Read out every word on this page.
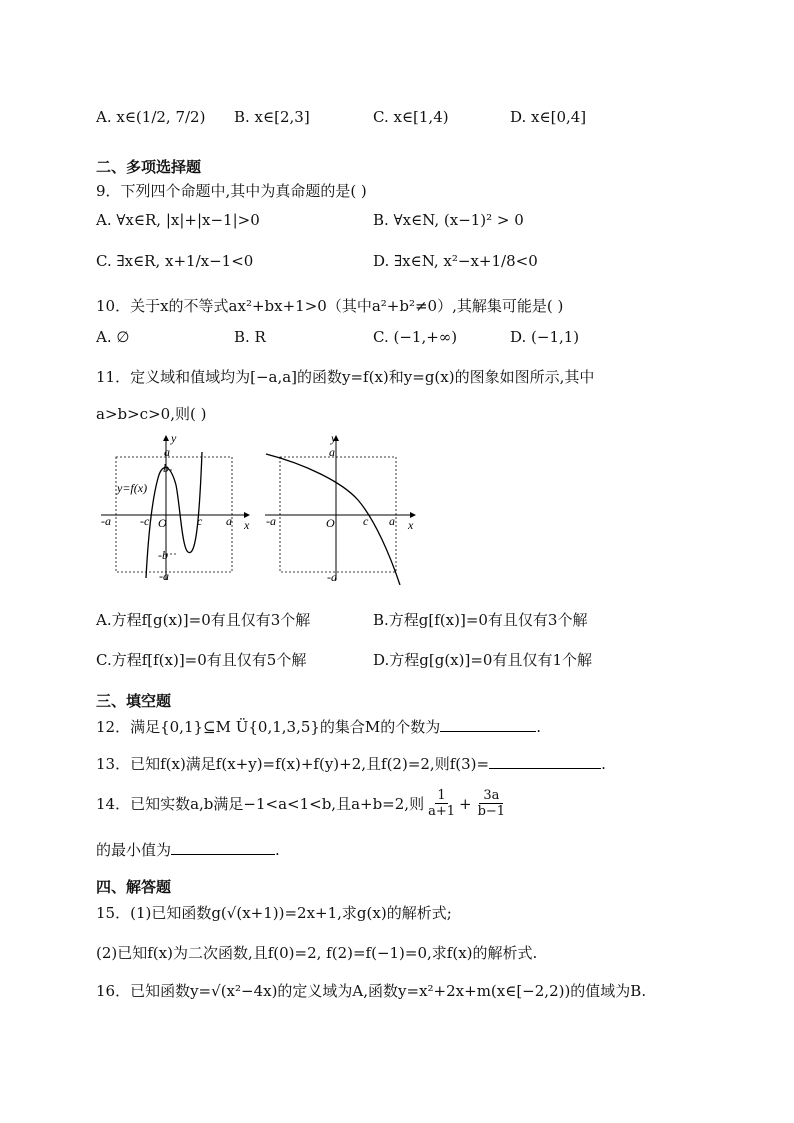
A. x∈(1/2, 7/2) B. x∈[2,3]	C. x∈[1,4)	D. x∈[0,4]
二、多项选择题
9．下列四个命题中,其中为真命题的是( )
A. ∀x∈R, |x|+|x−1|>0	B. ∀x∈N, (x−1)² > 0
C. ∃x∈R, x+1/x−1<0	D. ∃x∈N, x²−x+1/8<0
10．关于x的不等式ax²+bx+1>0（其中a²+b²≠0）,其解集可能是( )
A. ∅	B. R	C. (−1,+∞)	D. (−1,1)
11．定义域和值域均为[−a,a]的函数y=f(x)和y=g(x)的图象如图所示,其中
a>b>c>0,则( )
y
x
a
b
y=f(x)
-a -c O	c a
-b
-a
y
x
a
-a	O c a
-a
A.方程f[g(x)]=0有且仅有3个解	B.方程g[f(x)]=0有且仅有3个解
C.方程f[f(x)]=0有且仅有5个解	D.方程g[g(x)]=0有且仅有1个解
三、填空题
12．满足{0,1}⊆M Ü{0,1,3,5}的集合M的个数为	.
13．已知f(x)满足f(x+y)=f(x)+f(y)+2,且f(2)=2,则f(3)=	.
14．已知实数a,b满足−1<a<1<b,且a+b=2,则 $\frac{1}{a+1} + \frac{3a}{b-1}$
的最小值为	.
四、解答题
15．(1)已知函数g(√(x+1))=2x+1,求g(x)的解析式;
(2)已知f(x)为二次函数,且f(0)=2, f(2)=f(−1)=0,求f(x)的解析式.
16．已知函数y=√(x²−4x)的定义域为A,函数y=x²+2x+m(x∈[−2,2))的值域为B.
